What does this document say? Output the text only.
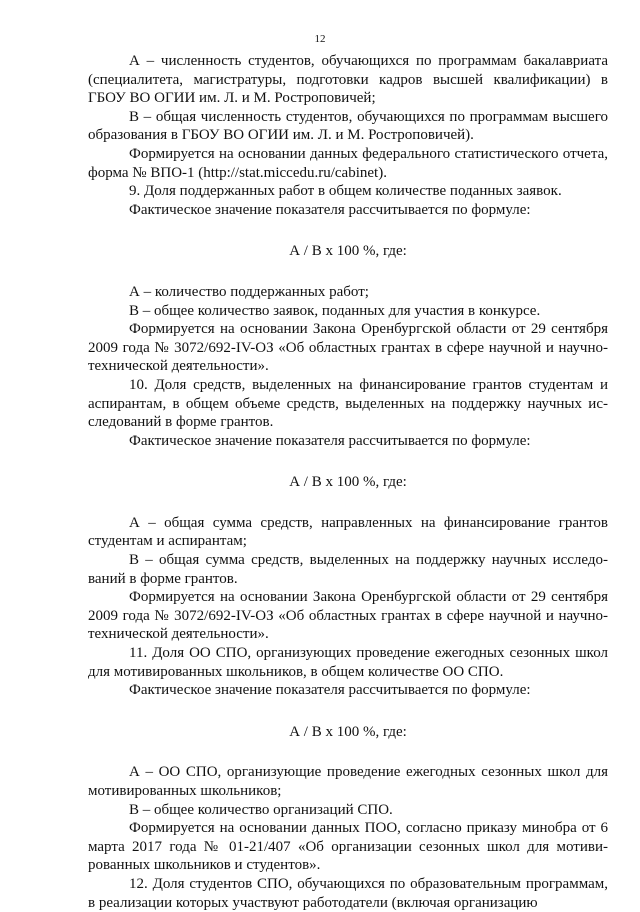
12

А – численность студентов, обучающихся по программам бакалавриата (специалитета, магистратуры, подготовки кадров высшей квалификации) в ГБОУ ВО ОГИИ им. Л. и М. Ростроповичей;

В – общая численность студентов, обучающихся по программам высшего образования в ГБОУ ВО ОГИИ им. Л. и М. Ростроповичей).

Формируется на основании данных федерального статистического отчета, форма № ВПО-1 (http://stat.miccedu.ru/cabinet).

9. Доля поддержанных работ в общем количестве поданных заявок.

Фактическое значение показателя рассчитывается по формуле:

А / В х 100 %, где:

А – количество поддержанных работ;

В – общее количество заявок, поданных для участия в конкурсе.

Формируется на основании Закона Оренбургской области от 29 сентября 2009 года № 3072/692-IV-ОЗ «Об областных грантах в сфере научной и научно-технической деятельности».

10. Доля средств, выделенных на финансирование грантов студентам и аспирантам, в общем объеме средств, выделенных на поддержку научных исследований в форме грантов.

Фактическое значение показателя рассчитывается по формуле:

А / В х 100 %, где:

А – общая сумма средств, направленных на финансирование грантов студентам и аспирантам;

В – общая сумма средств, выделенных на поддержку научных исследований в форме грантов.

Формируется на основании Закона Оренбургской области от 29 сентября 2009 года № 3072/692-IV-ОЗ «Об областных грантах в сфере научной и научно-технической деятельности».

11. Доля ОО СПО, организующих проведение ежегодных сезонных школ для мотивированных школьников, в общем количестве ОО СПО.

Фактическое значение показателя рассчитывается по формуле:

А / В х 100 %, где:

А – ОО СПО, организующие проведение ежегодных сезонных школ для мотивированных школьников;

В – общее количество организаций СПО.

Формируется на основании данных ПОО, согласно приказу минобра от 6 марта 2017 года № 01-21/407 «Об организации сезонных школ для мотивированных школьников и студентов».

12. Доля студентов СПО, обучающихся по образовательным программам, в реализации которых участвуют работодатели (включая организацию
